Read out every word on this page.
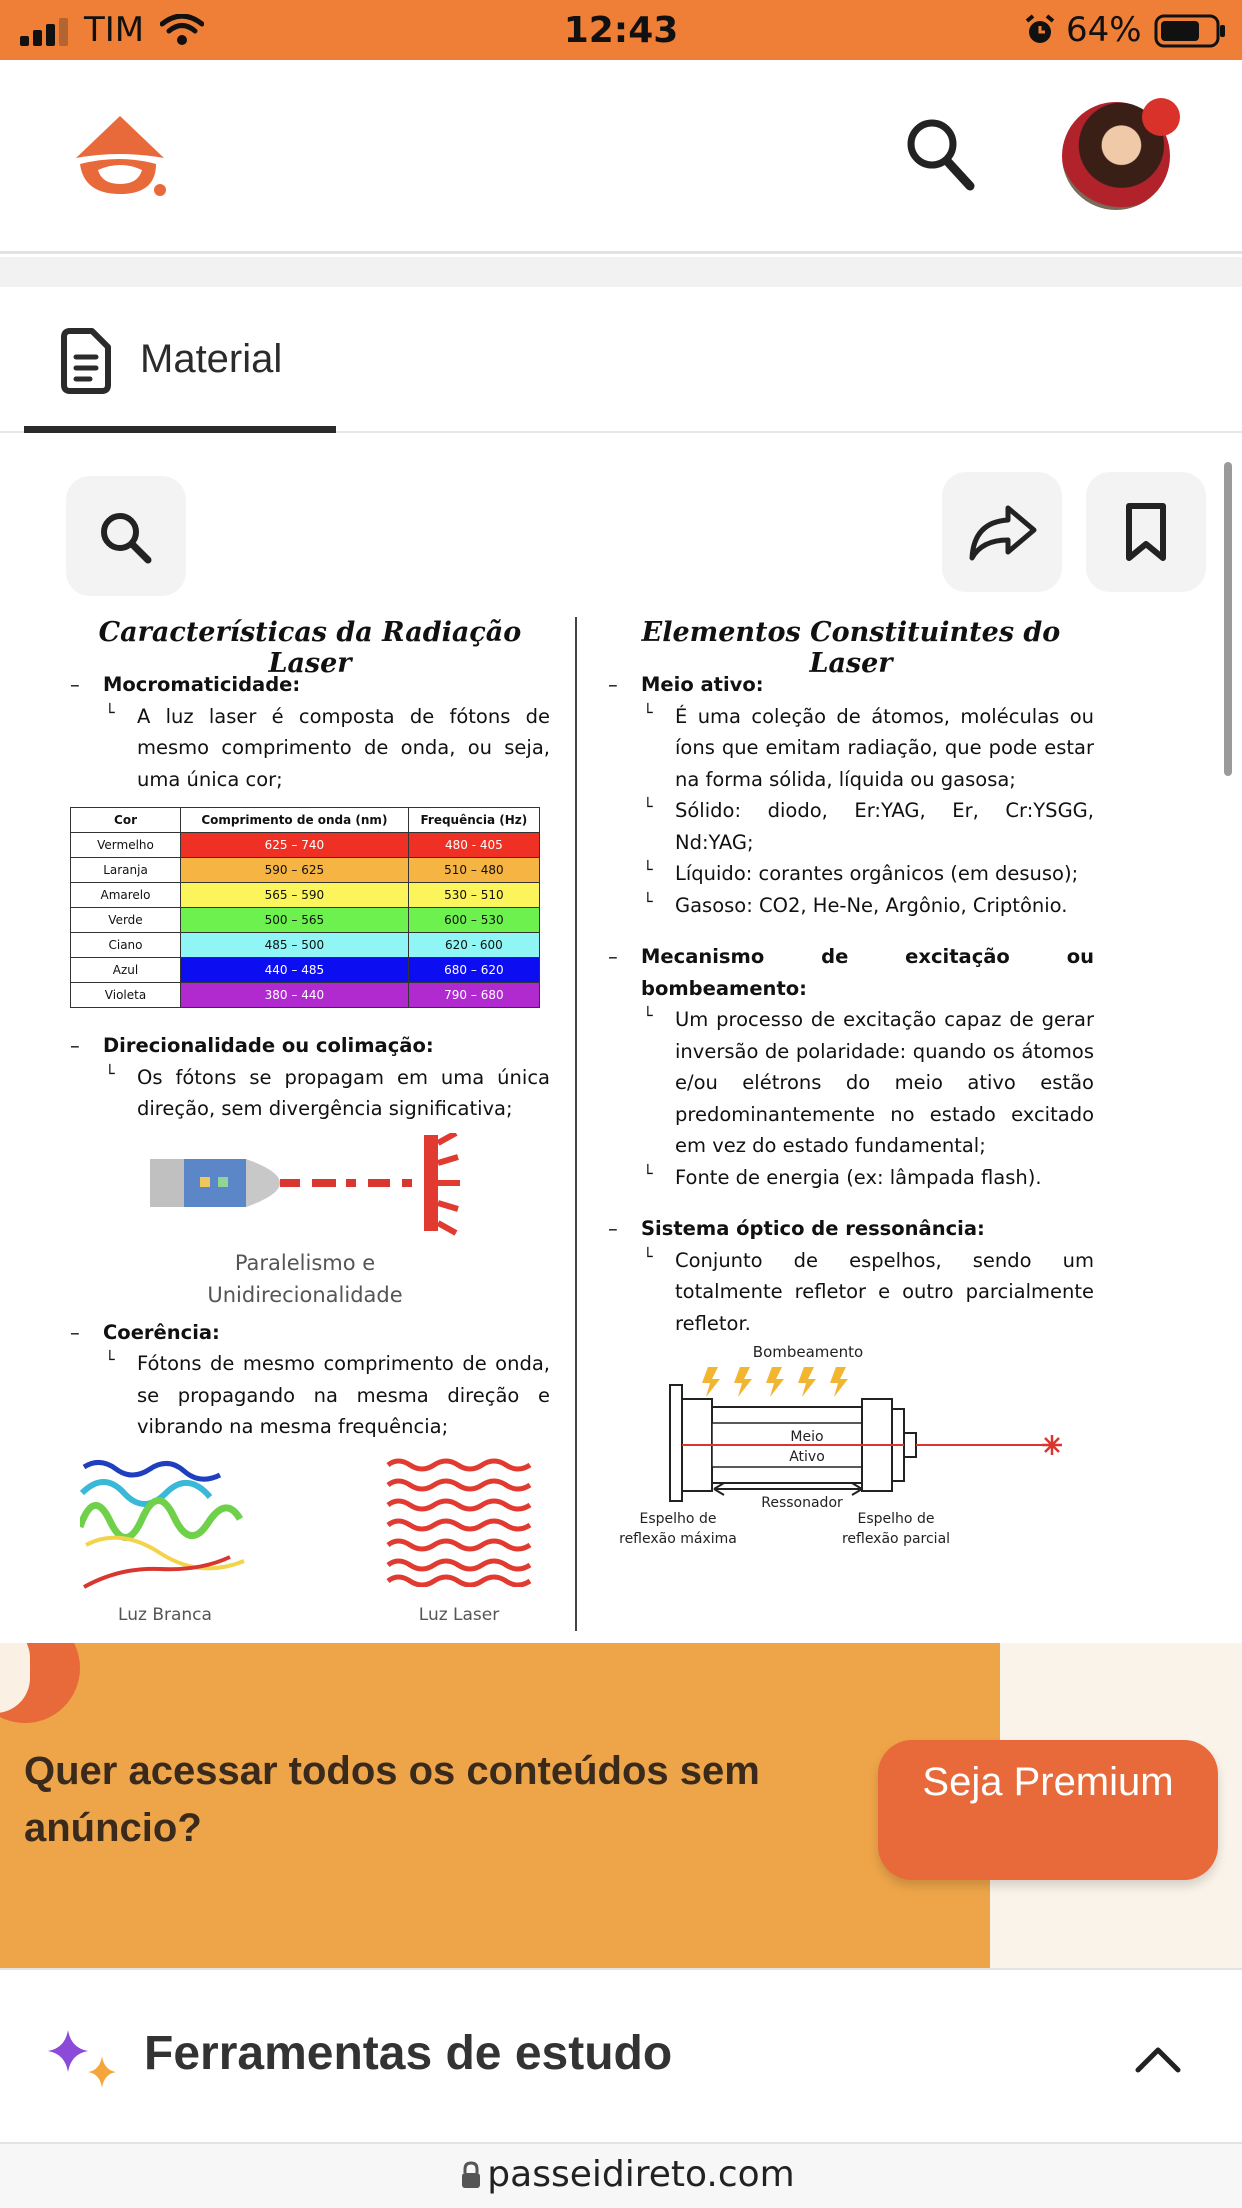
TIM	12:43	64%
Material
Características da Radiação Laser
– Mocromaticidade:
└ A luz laser é composta de fótons de mesmo comprimento de onda, ou seja, uma única cor;
Cor	Comprimento de onda (nm)	Frequência (Hz)
Vermelho	625 – 740	480 - 405
Laranja	590 – 625	510 – 480
Amarelo	565 – 590	530 – 510
Verde	500 – 565	600 – 530
Ciano	485 – 500	620 - 600
Azul	440 – 485	680 – 620
Violeta	380 – 440	790 – 680
– Direcionalidade ou colimação:
└ Os fótons se propagam em uma única direção, sem divergência significativa;
Paralelismo e
Unidirecionalidade
– Coerência:
└ Fótons de mesmo comprimento de onda, se propagando na mesma direção e vibrando na mesma frequência;
Luz Branca	Luz Laser
Elementos Constituintes do Laser
– Meio ativo:
└ É uma coleção de átomos, moléculas ou íons que emitam radiação, que pode estar na forma sólida, líquida ou gasosa;
└ Sólido: diodo, Er:YAG, Er, Cr:YSGG, Nd:YAG;
└ Líquido: corantes orgânicos (em desuso);
└ Gasoso: CO2, He-Ne, Argônio, Criptônio.
– Mecanismo de excitação ou bombeamento:
└ Um processo de excitação capaz de gerar inversão de polaridade: quando os átomos e/ou elétrons do meio ativo estão predominantemente no estado excitado em vez do estado fundamental;
└ Fonte de energia (ex: lâmpada flash).
– Sistema óptico de ressonância:
└ Conjunto de espelhos, sendo um totalmente refletor e outro parcialmente refletor.
Bombeamento
Meio
Ativo
Ressonador
Espelho de
reflexão máxima
Espelho de
reflexão parcial
Quer acessar todos os conteúdos sem anúncio?
Seja Premium
Ferramentas de estudo
passeidireto.com
